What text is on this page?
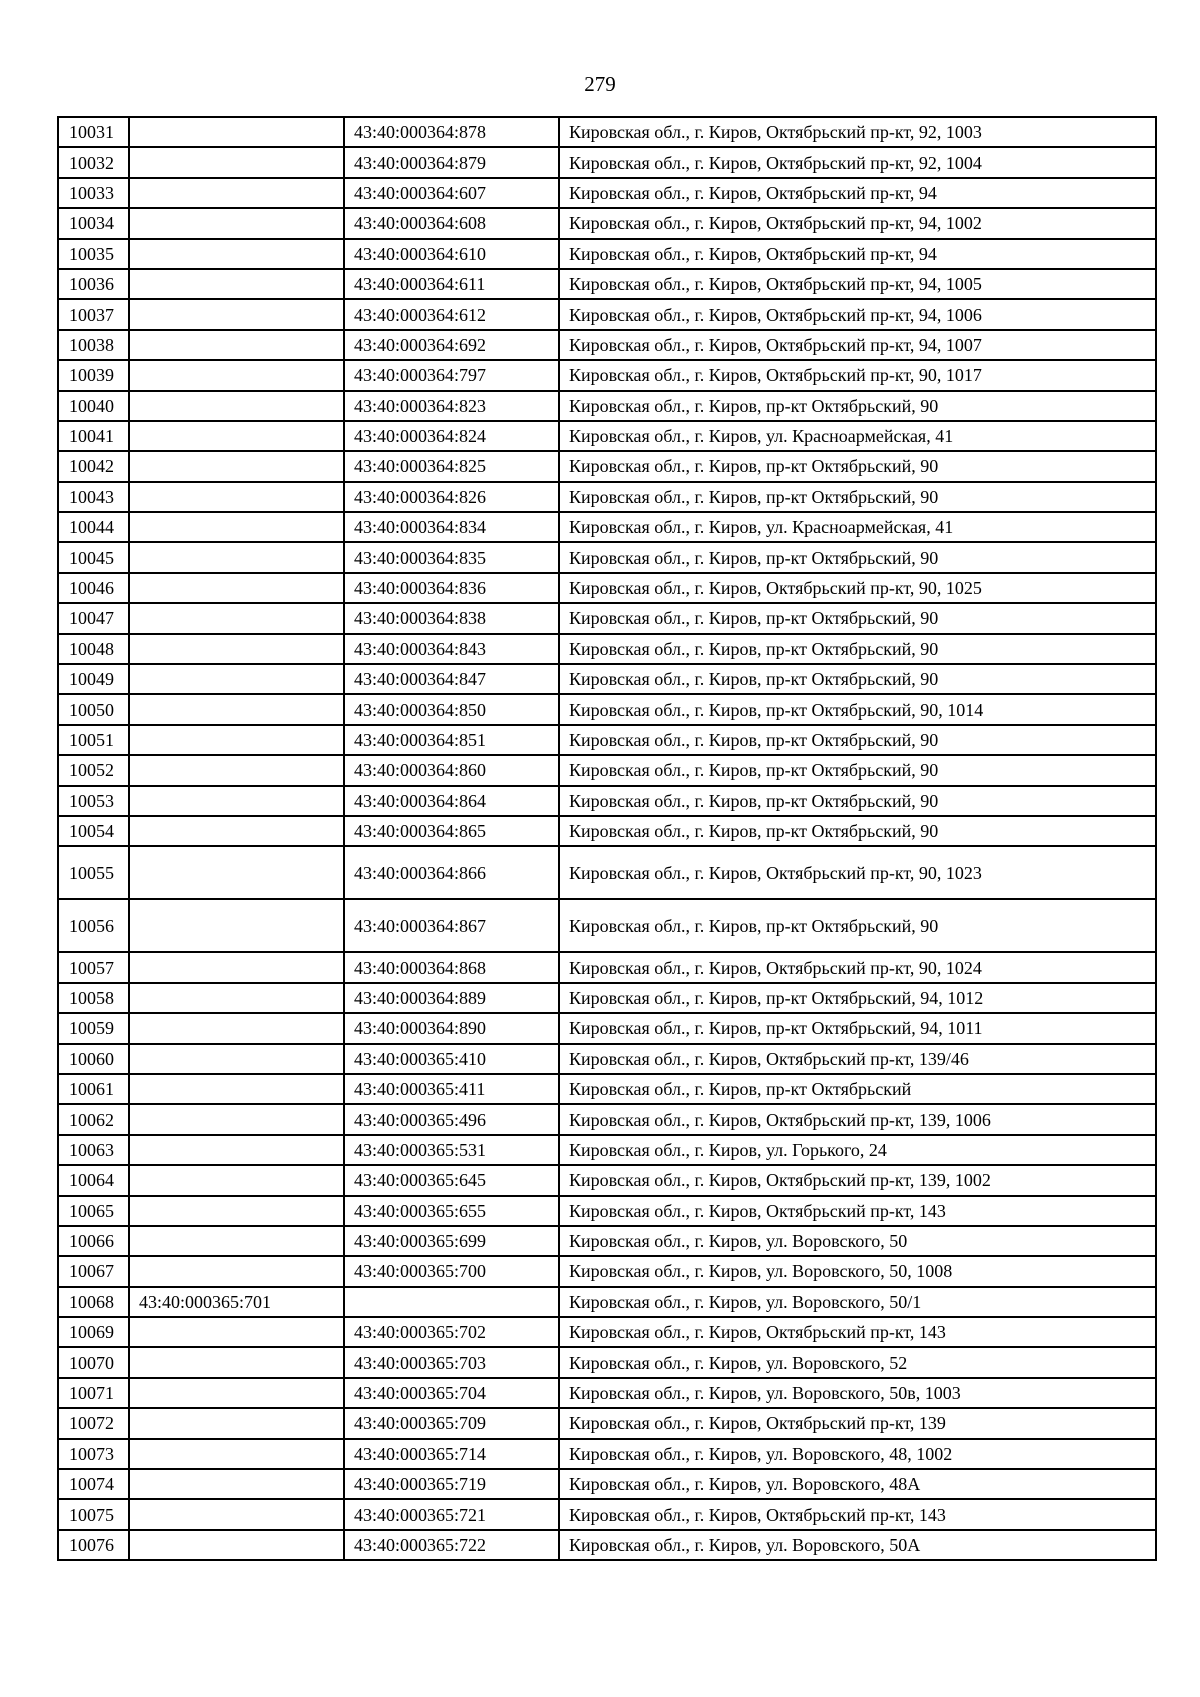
279
10031		43:40:000364:878	Кировская обл., г. Киров, Октябрьский пр-кт, 92, 1003
10032		43:40:000364:879	Кировская обл., г. Киров, Октябрьский пр-кт, 92, 1004
10033		43:40:000364:607	Кировская обл., г. Киров, Октябрьский пр-кт, 94
10034		43:40:000364:608	Кировская обл., г. Киров, Октябрьский пр-кт, 94, 1002
10035		43:40:000364:610	Кировская обл., г. Киров, Октябрьский пр-кт, 94
10036		43:40:000364:611	Кировская обл., г. Киров, Октябрьский пр-кт, 94, 1005
10037		43:40:000364:612	Кировская обл., г. Киров, Октябрьский пр-кт, 94, 1006
10038		43:40:000364:692	Кировская обл., г. Киров, Октябрьский пр-кт, 94, 1007
10039		43:40:000364:797	Кировская обл., г. Киров, Октябрьский пр-кт, 90, 1017
10040		43:40:000364:823	Кировская обл., г. Киров, пр-кт Октябрьский, 90
10041		43:40:000364:824	Кировская обл., г. Киров, ул. Красноармейская, 41
10042		43:40:000364:825	Кировская обл., г. Киров, пр-кт Октябрьский, 90
10043		43:40:000364:826	Кировская обл., г. Киров, пр-кт Октябрьский, 90
10044		43:40:000364:834	Кировская обл., г. Киров, ул. Красноармейская, 41
10045		43:40:000364:835	Кировская обл., г. Киров, пр-кт Октябрьский, 90
10046		43:40:000364:836	Кировская обл., г. Киров, Октябрьский пр-кт, 90, 1025
10047		43:40:000364:838	Кировская обл., г. Киров, пр-кт Октябрьский, 90
10048		43:40:000364:843	Кировская обл., г. Киров, пр-кт Октябрьский, 90
10049		43:40:000364:847	Кировская обл., г. Киров, пр-кт Октябрьский, 90
10050		43:40:000364:850	Кировская обл., г. Киров, пр-кт Октябрьский, 90, 1014
10051		43:40:000364:851	Кировская обл., г. Киров, пр-кт Октябрьский, 90
10052		43:40:000364:860	Кировская обл., г. Киров, пр-кт Октябрьский, 90
10053		43:40:000364:864	Кировская обл., г. Киров, пр-кт Октябрьский, 90
10054		43:40:000364:865	Кировская обл., г. Киров, пр-кт Октябрьский, 90
10055		43:40:000364:866	Кировская обл., г. Киров, Октябрьский пр-кт, 90, 1023
10056		43:40:000364:867	Кировская обл., г. Киров, пр-кт Октябрьский, 90
10057		43:40:000364:868	Кировская обл., г. Киров, Октябрьский пр-кт, 90, 1024
10058		43:40:000364:889	Кировская обл., г. Киров, пр-кт Октябрьский, 94, 1012
10059		43:40:000364:890	Кировская обл., г. Киров, пр-кт Октябрьский, 94, 1011
10060		43:40:000365:410	Кировская обл., г. Киров, Октябрьский пр-кт, 139/46
10061		43:40:000365:411	Кировская обл., г. Киров, пр-кт Октябрьский
10062		43:40:000365:496	Кировская обл., г. Киров, Октябрьский пр-кт, 139, 1006
10063		43:40:000365:531	Кировская обл., г. Киров, ул. Горького, 24
10064		43:40:000365:645	Кировская обл., г. Киров, Октябрьский пр-кт, 139, 1002
10065		43:40:000365:655	Кировская обл., г. Киров, Октябрьский пр-кт, 143
10066		43:40:000365:699	Кировская обл., г. Киров, ул. Воровского, 50
10067		43:40:000365:700	Кировская обл., г. Киров, ул. Воровского, 50, 1008
10068	43:40:000365:701		Кировская обл., г. Киров, ул. Воровского, 50/1
10069		43:40:000365:702	Кировская обл., г. Киров, Октябрьский пр-кт, 143
10070		43:40:000365:703	Кировская обл., г. Киров, ул. Воровского, 52
10071		43:40:000365:704	Кировская обл., г. Киров, ул. Воровского, 50в, 1003
10072		43:40:000365:709	Кировская обл., г. Киров, Октябрьский пр-кт, 139
10073		43:40:000365:714	Кировская обл., г. Киров, ул. Воровского, 48, 1002
10074		43:40:000365:719	Кировская обл., г. Киров, ул. Воровского, 48А
10075		43:40:000365:721	Кировская обл., г. Киров, Октябрьский пр-кт, 143
10076		43:40:000365:722	Кировская обл., г. Киров, ул. Воровского, 50А
